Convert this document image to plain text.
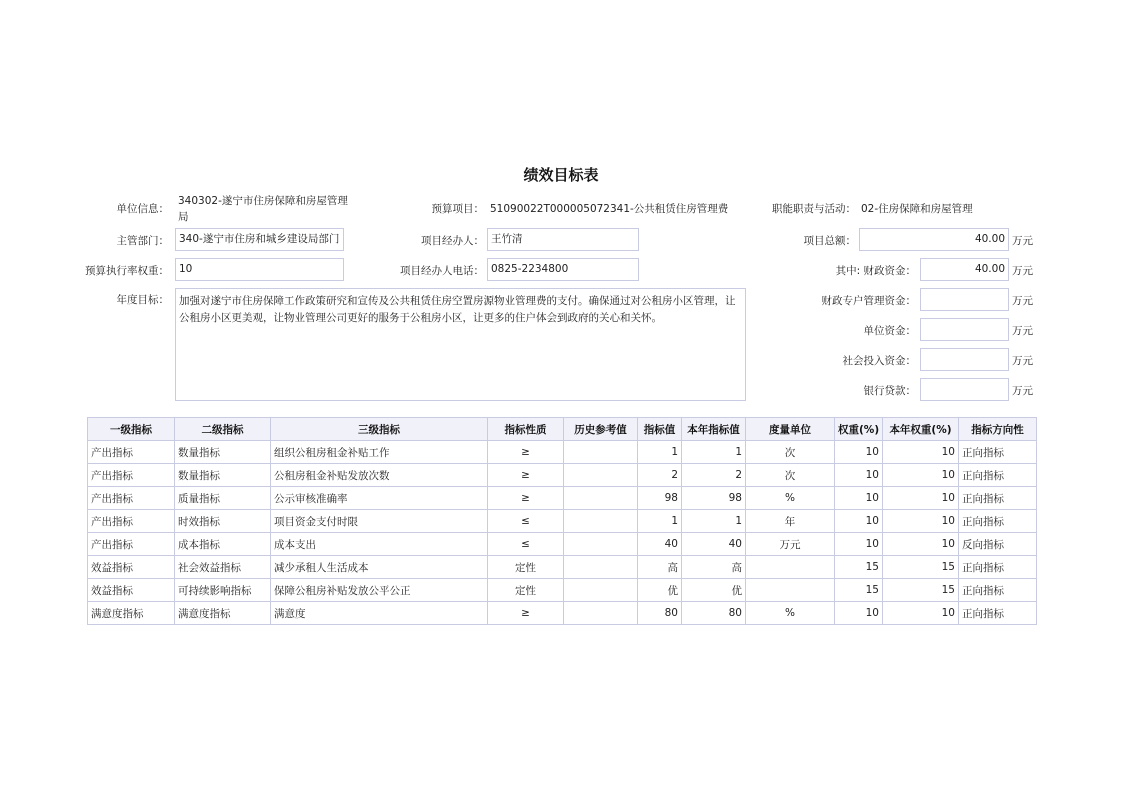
绩效目标表
单位信息：
340302-遂宁市住房保障和房屋管理局
预算项目： 51090022T000005072341-公共租赁住房管理费	职能职责与活动： 02-住房保障和房屋管理
主管部门： 340-遂宁市住房和城乡建设局部门	项目经办人： 王竹清	项目总额：	40.00 万元
预算执行率权重： 10	项目经办人电话： 0825-2234800	其中: 财政资金：	40.00 万元
年度目标： 加强对遂宁市住房保障工作政策研究和宣传及公共租赁住房空置房源物业管理费的支付。确保通过对公租房小区管理，让公租房小区更美观，让物业管理公司更好的服务于公租房小区，让更多的住户体会到政府的关心和关怀。
财政专户管理资金：	万元
单位资金：	万元
社会投入资金：	万元
银行贷款：	万元
一级指标	二级指标	三级指标	指标性质	历史参考值	指标值	本年指标值	度量单位	权重(%)	本年权重(%)	指标方向性
产出指标	数量指标	组织公租房租金补贴工作	≥		1	1	次	10	10	正向指标
产出指标	数量指标	公租房租金补贴发放次数	≥		2	2	次	10	10	正向指标
产出指标	质量指标	公示审核准确率	≥		98	98	%	10	10	正向指标
产出指标	时效指标	项目资金支付时限	≤		1	1	年	10	10	正向指标
产出指标	成本指标	成本支出	≤		40	40	万元	10	10	反向指标
效益指标	社会效益指标	减少承租人生活成本	定性		高	高		15	15	正向指标
效益指标	可持续影响指标	保障公租房补贴发放公平公正	定性		优	优		15	15	正向指标
满意度指标	满意度指标	满意度	≥		80	80	%	10	10	正向指标
